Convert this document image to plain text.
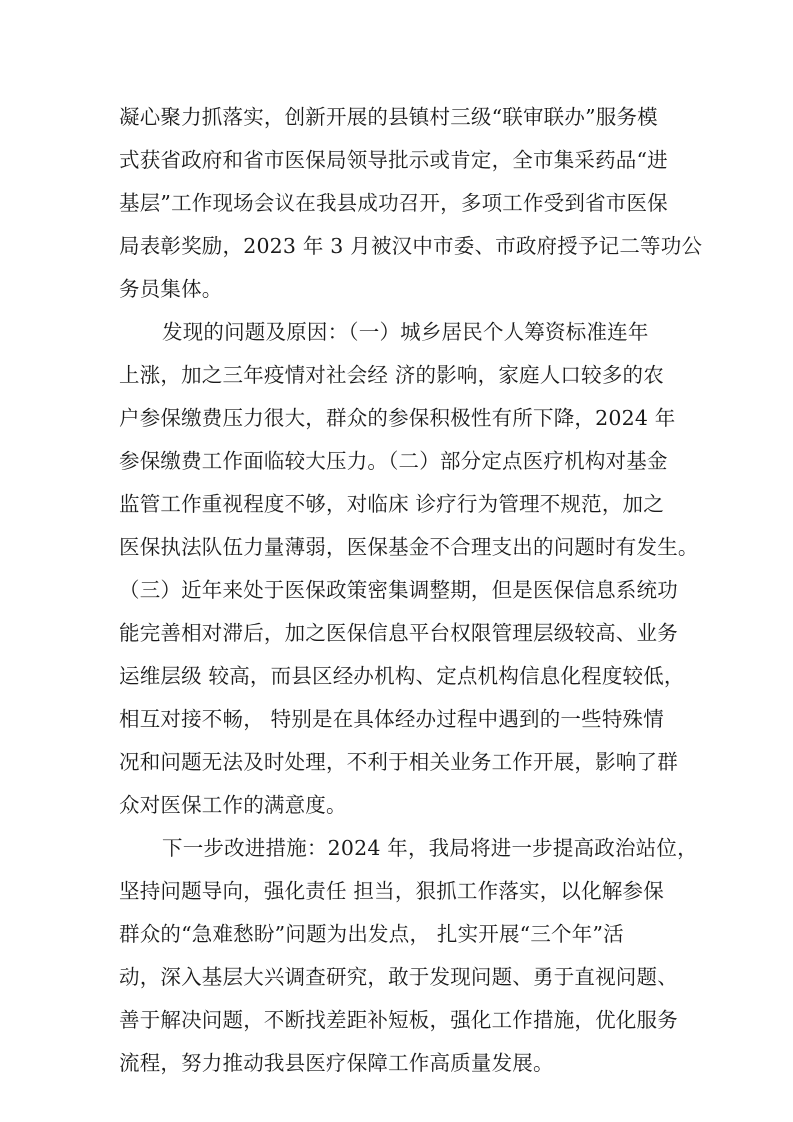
凝心聚力抓落实，创新开展的县镇村三级“联审联办”服务模
式获省政府和省市医保局领导批示或肯定，全市集采药品“进
基层”工作现场会议在我县成功召开，多项工作受到省市医保
局表彰奖励，2023 年 3 月被汉中市委、市政府授予记二等功公
务员集体。
发现的问题及原因：（一）城乡居民个人筹资标准连年
上涨，加之三年疫情对社会经 济的影响，家庭人口较多的农
户参保缴费压力很大，群众的参保积极性有所下降，2024 年
参保缴费工作面临较大压力。（二）部分定点医疗机构对基金
监管工作重视程度不够，对临床 诊疗行为管理不规范，加之
医保执法队伍力量薄弱，医保基金不合理支出的问题时有发生。
（三）近年来处于医保政策密集调整期，但是医保信息系统功
能完善相对滞后，加之医保信息平台权限管理层级较高、业务
运维层级 较高，而县区经办机构、定点机构信息化程度较低，
相互对接不畅， 特别是在具体经办过程中遇到的一些特殊情
况和问题无法及时处理，不利于相关业务工作开展，影响了群
众对医保工作的满意度。
下一步改进措施：2024 年，我局将进一步提高政治站位，
坚持问题导向，强化责任 担当，狠抓工作落实，以化解参保
群众的“急难愁盼”问题为出发点， 扎实开展“三个年”活
动，深入基层大兴调查研究，敢于发现问题、勇于直视问题、
善于解决问题，不断找差距补短板，强化工作措施，优化服务
流程，努力推动我县医疗保障工作高质量发展。
